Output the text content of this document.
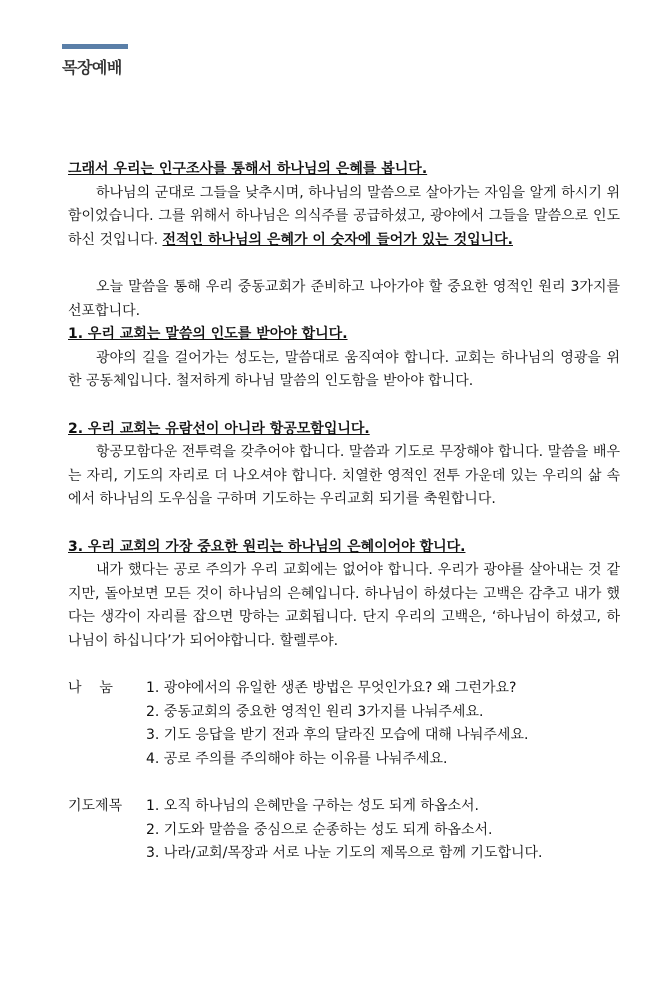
목장예배

그래서 우리는 인구조사를 통해서 하나님의 은혜를 봅니다.

하나님의 군대로 그들을 낮추시며, 하나님의 말씀으로 살아가는 자임을 알게 하시기 위함이었습니다. 그를 위해서 하나님은 의식주를 공급하셨고, 광야에서 그들을 말씀으로 인도하신 것입니다. 전적인 하나님의 은혜가 이 숫자에 들어가 있는 것입니다.

오늘 말씀을 통해 우리 중동교회가 준비하고 나아가야 할 중요한 영적인 원리 3가지를 선포합니다.

1. 우리 교회는 말씀의 인도를 받아야 합니다.

광야의 길을 걸어가는 성도는, 말씀대로 움직여야 합니다. 교회는 하나님의 영광을 위한 공동체입니다. 철저하게 하나님 말씀의 인도함을 받아야 합니다.

2. 우리 교회는 유람선이 아니라 항공모함입니다.

항공모함다운 전투력을 갖추어야 합니다. 말씀과 기도로 무장해야 합니다. 말씀을 배우는 자리, 기도의 자리로 더 나오셔야 합니다. 치열한 영적인 전투 가운데 있는 우리의 삶 속에서 하나님의 도우심을 구하며 기도하는 우리교회 되기를 축원합니다.

3. 우리 교회의 가장 중요한 원리는 하나님의 은혜이어야 합니다.

내가 했다는 공로 주의가 우리 교회에는 없어야 합니다. 우리가 광야를 살아내는 것 같지만, 돌아보면 모든 것이 하나님의 은혜입니다. 하나님이 하셨다는 고백은 감추고 내가 했다는 생각이 자리를 잡으면 망하는 교회됩니다. 단지 우리의 고백은, ‘하나님이 하셨고, 하나님이 하십니다’가 되어야합니다. 할렐루야.

나    눔	1. 광야에서의 유일한 생존 방법은 무엇인가요? 왜 그런가요?
2. 중동교회의 중요한 영적인 원리 3가지를 나눠주세요.
3. 기도 응답을 받기 전과 후의 달라진 모습에 대해 나눠주세요.
4. 공로 주의를 주의해야 하는 이유를 나눠주세요.
기도제목	1. 오직 하나님의 은혜만을 구하는 성도 되게 하옵소서.
2. 기도와 말씀을 중심으로 순종하는 성도 되게 하옵소서.
3. 나라/교회/목장과 서로 나눈 기도의 제목으로 함께 기도합니다.
